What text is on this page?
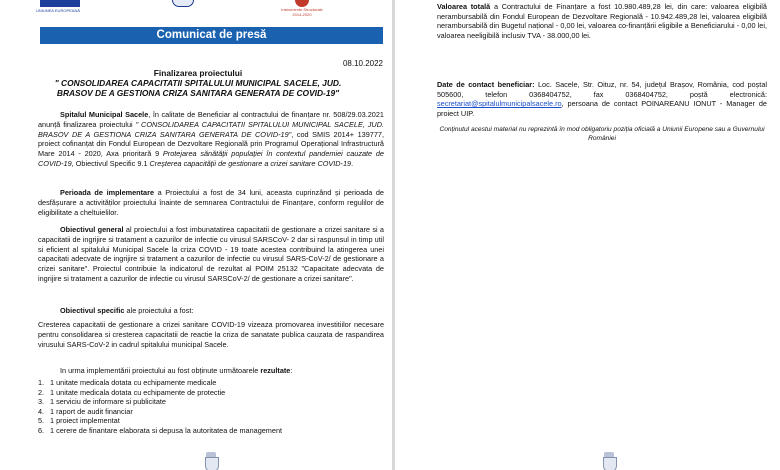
UNIUNEA EUROPEANĂ	Instrumente Structurale 2014-2020
Comunicat de presă
08.10.2022
Finalizarea proiectului
" CONSOLIDAREA CAPACITATII SPITALULUI MUNICIPAL SACELE, JUD. BRASOV DE A GESTIONA CRIZA SANITARA GENERATA DE COVID-19"

Spitalul Municipal Sacele, în calitate de Beneficiar al contractului de finanțare nr. 508/29.03.2021 anunță finalizarea proiectului " CONSOLIDAREA CAPACITATII SPITALULUI MUNICIPAL SACELE, JUD. BRASOV DE A GESTIONA CRIZA SANITARA GENERATA DE COVID-19", cod SMIS 2014+ 139777, proiect cofinanțat din Fondul European de Dezvoltare Regională prin Programul Operațional Infrastructură Mare 2014 - 2020, Axa prioritară 9 Protejarea sănătății populației în contextul pandemiei cauzate de COVID-19, Obiectivul Specific 9.1 Creșterea capacității de gestionare a crizei sanitare COVID-19.

Perioada de implementare a Proiectului a fost de 34 luni, aceasta cuprinzând și perioada de desfășurare a activităților proiectului înainte de semnarea Contractului de Finanțare, conform regulilor de eligibilitate a cheltuielilor.

Obiectivul general al proiectului a fost imbunatatirea capacitatii de gestionare a crizei sanitare si a capacitatii de ingrijire si tratament a cazurilor de infectie cu virusul SARSCoV- 2 dar si raspunsul in timp util si eficient al spitalului Municipal Sacele la criza COVID - 19 toate acestea contribuind la atingerea unei capacitati adecvate de ingrijire si tratament a cazurilor de infectie cu virusul SARS-CoV-2/ de gestionare a crizei sanitare". Proiectul contribuie la indicatorul de rezultat al POIM 25132 "Capacitate adecvata de ingrijire si tratament a cazurilor de infectie cu virusul SARSCoV-2/ de gestionare a crizei sanitare".

Obiectivul specific ale proiectului a fost:

Cresterea capacitatii de gestionare a crizei sanitare COVID-19 vizeaza promovarea investitiilor necesare pentru consolidarea si cresterea capacitatii de reactie la criza de sanatate publica cauzata de raspandirea virusului SARS-CoV-2 in cadrul spitalului municipal Sacele.

In urma implementării proiectului au fost obținute următoarele rezultate:

1. 1 unitate medicala dotata cu echipamente medicale
2. 1 unitate medicala dotata cu echipamente de protectie
3. 1 serviciu de informare si publicitate
4. 1 raport de audit financiar
5. 1 proiect implementat
6. 1 cerere de finantare elaborata si depusa la autoritatea de management

Valoarea totală a Contractului de Finanțare a fost 10.980.489,28 lei, din care: valoarea eligibilă nerambursabilă din Fondul European de Dezvoltare Regională - 10.942.489,28 lei, valoarea eligibilă nerambursabilă din Bugetul național - 0,00 lei, valoarea co-finanțării eligibile a Beneficiarului - 0,00 lei, valoarea neeligibilă inclusiv TVA - 38.000,00 lei.

Date de contact beneficiar: Loc. Sacele, Str. Oituz, nr. 54, județul Brașov, România, cod poștal 505600, telefon 0368404752, fax 0368404752, poștă electronică: secretariat@spitalulmunicipalsacele.ro, persoana de contact POINAREANU IONUT - Manager de proiect UIP.

Conținutul acestui material nu reprezintă în mod obligatoriu poziția oficială a Uniunii Europene sau a Guvernului României
